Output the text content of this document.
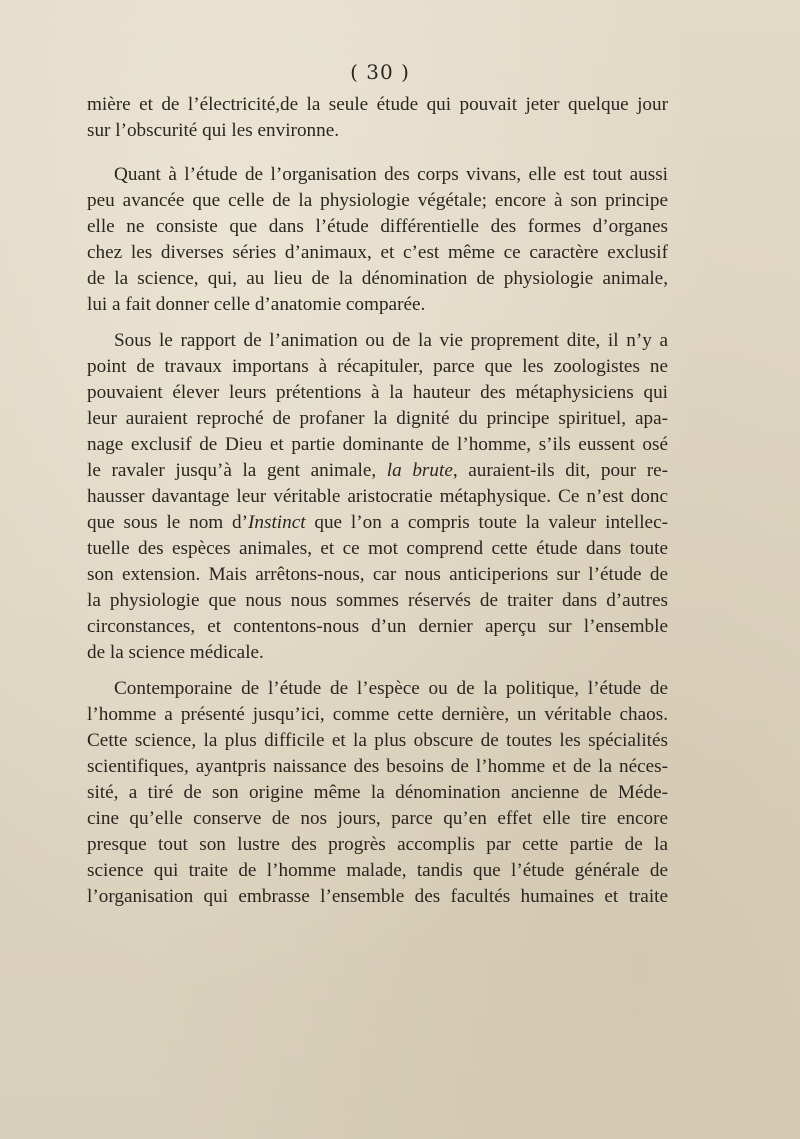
( 30 )
mière et de l’électricité,de la seule étude qui pouvait jeter quelque jour
sur l’obscurité qui les environne.
Quant à l’étude de l’organisation des corps vivans, elle est tout aussi
peu avancée que celle de la physiologie végétale; encore à son principe
elle ne consiste que dans l’étude différentielle des formes d’organes
chez les diverses séries d’animaux, et c’est même ce caractère exclusif
de la science, qui, au lieu de la dénomination de physiologie animale,
lui a fait donner celle d’anatomie comparée.
Sous le rapport de l’animation ou de la vie proprement dite, il n’y a
point de travaux importans à récapituler, parce que les zoologistes ne
pouvaient élever leurs prétentions à la hauteur des métaphysiciens qui
leur auraient reproché de profaner la dignité du principe spirituel, apa-
nage exclusif de Dieu et partie dominante de l’homme, s’ils eussent osé
le ravaler jusqu’à la gent animale, la brute, auraient-ils dit, pour re-
hausser davantage leur véritable aristocratie métaphysique. Ce n’est donc
que sous le nom d’Instinct que l’on a compris toute la valeur intellec-
tuelle des espèces animales, et ce mot comprend cette étude dans toute
son extension. Mais arrêtons-nous, car nous anticiperions sur l’étude de
la physiologie que nous nous sommes réservés de traiter dans d’autres
circonstances, et contentons-nous d’un dernier aperçu sur l’ensemble
de la science médicale.
Contemporaine de l’étude de l’espèce ou de la politique, l’étude de
l’homme a présenté jusqu’ici, comme cette dernière, un véritable chaos.
Cette science, la plus difficile et la plus obscure de toutes les spécialités
scientifiques, ayantpris naissance des besoins de l’homme et de la néces-
sité, a tiré de son origine même la dénomination ancienne de Méde-
cine qu’elle conserve de nos jours, parce qu’en effet elle tire encore
presque tout son lustre des progrès accomplis par cette partie de la
science qui traite de l’homme malade, tandis que l’étude générale de
l’organisation qui embrasse l’ensemble des facultés humaines et traite
